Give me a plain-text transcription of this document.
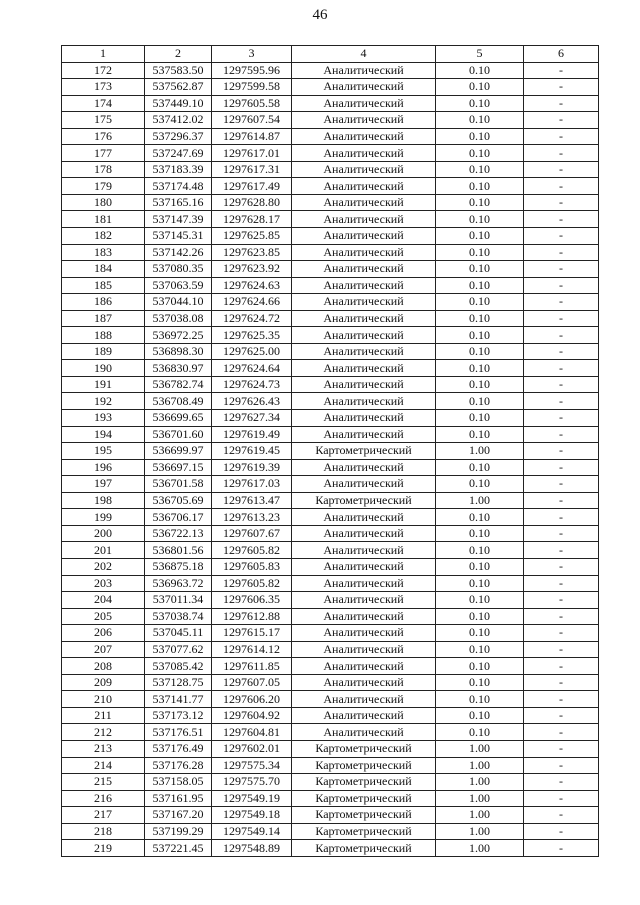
46
1	2	3	4	5	6
172	537583.50	1297595.96	Аналитический	0.10	-
173	537562.87	1297599.58	Аналитический	0.10	-
174	537449.10	1297605.58	Аналитический	0.10	-
175	537412.02	1297607.54	Аналитический	0.10	-
176	537296.37	1297614.87	Аналитический	0.10	-
177	537247.69	1297617.01	Аналитический	0.10	-
178	537183.39	1297617.31	Аналитический	0.10	-
179	537174.48	1297617.49	Аналитический	0.10	-
180	537165.16	1297628.80	Аналитический	0.10	-
181	537147.39	1297628.17	Аналитический	0.10	-
182	537145.31	1297625.85	Аналитический	0.10	-
183	537142.26	1297623.85	Аналитический	0.10	-
184	537080.35	1297623.92	Аналитический	0.10	-
185	537063.59	1297624.63	Аналитический	0.10	-
186	537044.10	1297624.66	Аналитический	0.10	-
187	537038.08	1297624.72	Аналитический	0.10	-
188	536972.25	1297625.35	Аналитический	0.10	-
189	536898.30	1297625.00	Аналитический	0.10	-
190	536830.97	1297624.64	Аналитический	0.10	-
191	536782.74	1297624.73	Аналитический	0.10	-
192	536708.49	1297626.43	Аналитический	0.10	-
193	536699.65	1297627.34	Аналитический	0.10	-
194	536701.60	1297619.49	Аналитический	0.10	-
195	536699.97	1297619.45	Картометрический	1.00	-
196	536697.15	1297619.39	Аналитический	0.10	-
197	536701.58	1297617.03	Аналитический	0.10	-
198	536705.69	1297613.47	Картометрический	1.00	-
199	536706.17	1297613.23	Аналитический	0.10	-
200	536722.13	1297607.67	Аналитический	0.10	-
201	536801.56	1297605.82	Аналитический	0.10	-
202	536875.18	1297605.83	Аналитический	0.10	-
203	536963.72	1297605.82	Аналитический	0.10	-
204	537011.34	1297606.35	Аналитический	0.10	-
205	537038.74	1297612.88	Аналитический	0.10	-
206	537045.11	1297615.17	Аналитический	0.10	-
207	537077.62	1297614.12	Аналитический	0.10	-
208	537085.42	1297611.85	Аналитический	0.10	-
209	537128.75	1297607.05	Аналитический	0.10	-
210	537141.77	1297606.20	Аналитический	0.10	-
211	537173.12	1297604.92	Аналитический	0.10	-
212	537176.51	1297604.81	Аналитический	0.10	-
213	537176.49	1297602.01	Картометрический	1.00	-
214	537176.28	1297575.34	Картометрический	1.00	-
215	537158.05	1297575.70	Картометрический	1.00	-
216	537161.95	1297549.19	Картометрический	1.00	-
217	537167.20	1297549.18	Картометрический	1.00	-
218	537199.29	1297549.14	Картометрический	1.00	-
219	537221.45	1297548.89	Картометрический	1.00	-
